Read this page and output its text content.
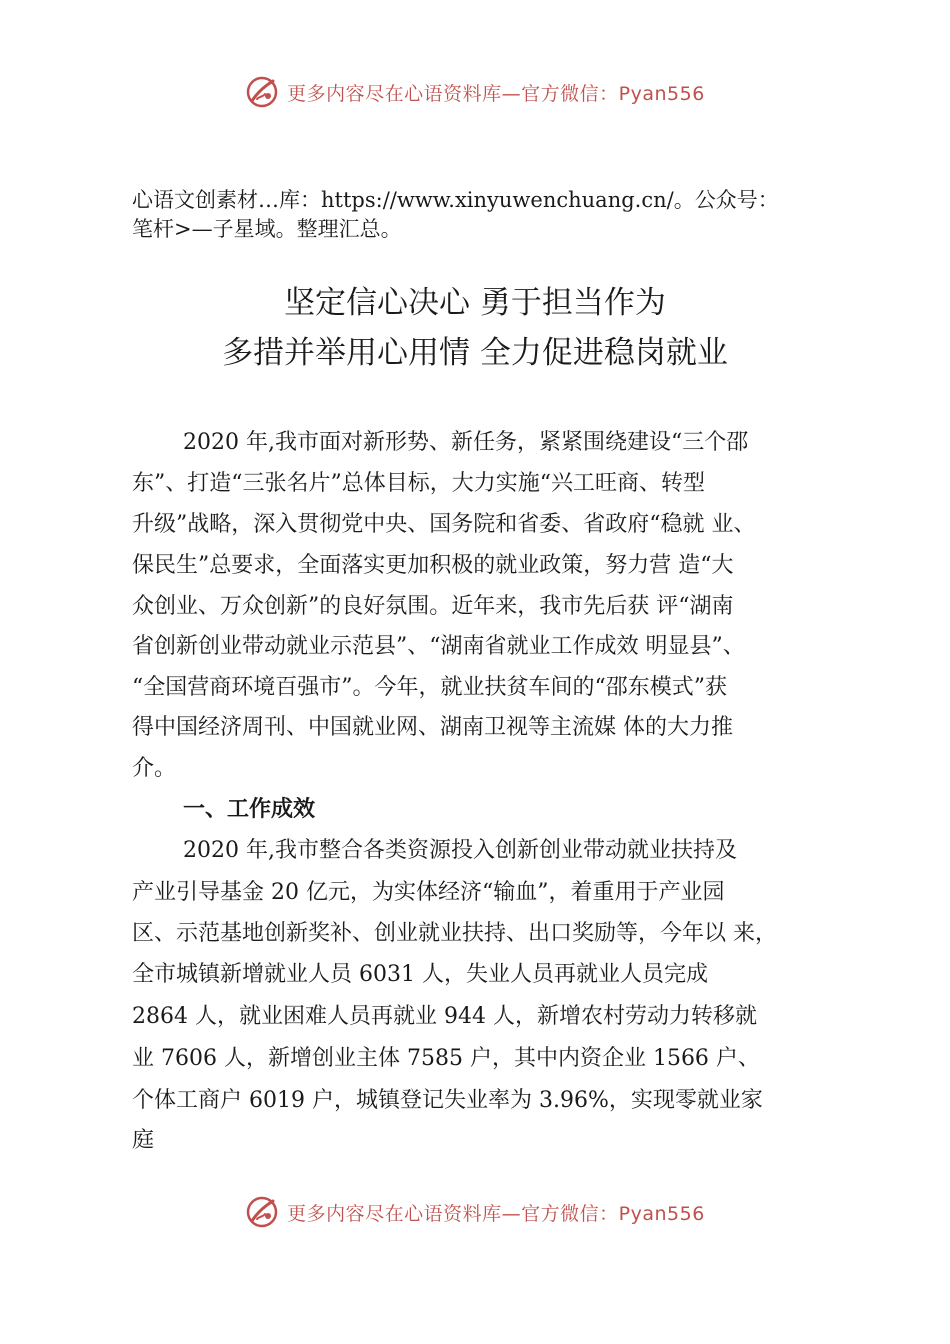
更多内容尽在心语资料库—官方微信：Pyan556
心语文创素材…库：https://www.xinyuwenchuang.cn/。公众号：
笔杆>—子星域。整理汇总。
坚定信心决心 勇于担当作为
多措并举用心用情 全力促进稳岗就业
2020 年,我市面对新形势、新任务，紧紧围绕建设“三个邵
东”、打造“三张名片”总体目标，大力实施“兴工旺商、转型
升级”战略，深入贯彻党中央、国务院和省委、省政府“稳就 业、
保民生”总要求，全面落实更加积极的就业政策，努力营 造“大
众创业、万众创新”的良好氛围。近年来，我市先后获 评“湖南
省创新创业带动就业示范县”、“湖南省就业工作成效 明显县”、
“全国营商环境百强市”。今年，就业扶贫车间的“邵东模式”获
得中国经济周刊、中国就业网、湖南卫视等主流媒 体的大力推
介。
一、工作成效
2020 年,我市整合各类资源投入创新创业带动就业扶持及
产业引导基金 20 亿元，为实体经济“输血”，着重用于产业园
区、示范基地创新奖补、创业就业扶持、出口奖励等，今年以 来，
全市城镇新增就业人员 6031 人，失业人员再就业人员完成
2864 人，就业困难人员再就业 944 人，新增农村劳动力转移就
业 7606 人，新增创业主体 7585 户，其中内资企业 1566 户、
个体工商户 6019 户，城镇登记失业率为 3.96%，实现零就业家
庭
更多内容尽在心语资料库—官方微信：Pyan556
